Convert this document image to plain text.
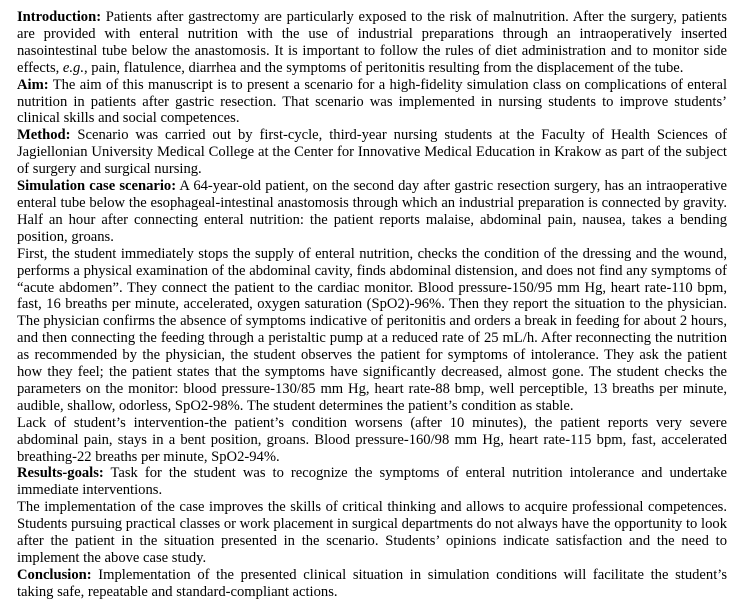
Introduction: Patients after gastrectomy are particularly exposed to the risk of malnutrition. After the surgery, patients are provided with enteral nutrition with the use of industrial preparations through an intraoperatively inserted nasointestinal tube below the anastomosis. It is important to follow the rules of diet administration and to monitor side effects, e.g., pain, flatulence, diarrhea and the symptoms of peritonitis resulting from the displacement of the tube.

Aim: The aim of this manuscript is to present a scenario for a high-fidelity simulation class on complications of enteral nutrition in patients after gastric resection. That scenario was implemented in nursing students to improve students’ clinical skills and social competences.

Method: Scenario was carried out by first-cycle, third-year nursing students at the Faculty of Health Sciences of Jagiellonian University Medical College at the Center for Innovative Medical Education in Krakow as part of the subject of surgery and surgical nursing.

Simulation case scenario: A 64-year-old patient, on the second day after gastric resection surgery, has an intraoperative enteral tube below the esophageal-intestinal anastomosis through which an industrial preparation is connected by gravity. Half an hour after connecting enteral nutrition: the patient reports malaise, abdominal pain, nausea, takes a bending position, groans.

First, the student immediately stops the supply of enteral nutrition, checks the condition of the dressing and the wound, performs a physical examination of the abdominal cavity, finds abdominal distension, and does not find any symptoms of “acute abdomen”. They connect the patient to the cardiac monitor. Blood pressure-150/95 mm Hg, heart rate-110 bpm, fast, 16 breaths per minute, accelerated, oxygen saturation (SpO2)-96%. Then they report the situation to the physician. The physician confirms the absence of symptoms indicative of peritonitis and orders a break in feeding for about 2 hours, and then connecting the feeding through a peristaltic pump at a reduced rate of 25 mL/h. After reconnecting the nutrition as recommended by the physician, the student observes the patient for symptoms of intolerance. They ask the patient how they feel; the patient states that the symptoms have significantly decreased, almost gone. The student checks the parameters on the monitor: blood pressure-130/85 mm Hg, heart rate-88 bmp, well perceptible, 13 breaths per minute, audible, shallow, odorless, SpO2-98%. The student determines the patient’s condition as stable.

Lack of student’s intervention-the patient’s condition worsens (after 10 minutes), the patient reports very severe abdominal pain, stays in a bent position, groans. Blood pressure-160/98 mm Hg, heart rate-115 bpm, fast, accelerated breathing-22 breaths per minute, SpO2-94%.

Results-goals: Task for the student was to recognize the symptoms of enteral nutrition intolerance and undertake immediate interventions.

The implementation of the case improves the skills of critical thinking and allows to acquire professional competences. Students pursuing practical classes or work placement in surgical departments do not always have the opportunity to look after the patient in the situation presented in the scenario. Students’ opinions indicate satisfaction and the need to implement the above case study.

Conclusion: Implementation of the presented clinical situation in simulation conditions will facilitate the student’s taking safe, repeatable and standard-compliant actions.
